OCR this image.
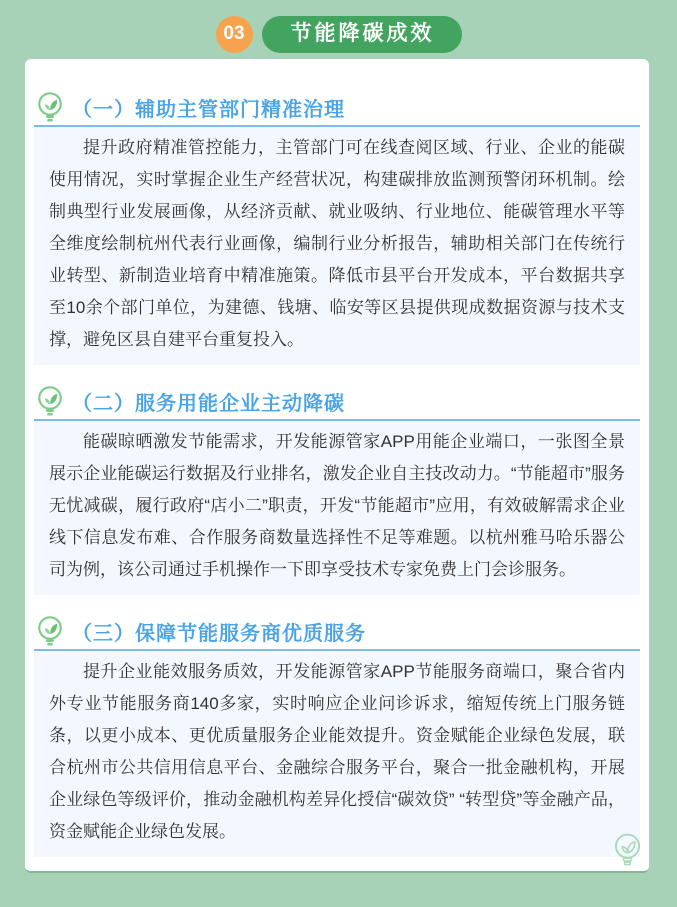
03	节能降碳成效
（一）辅助主管部门精准治理

提升政府精准管控能力，主管部门可在线查阅区域、行业、企业的能碳使用情况，实时掌握企业生产经营状况，构建碳排放监测预警闭环机制。绘制典型行业发展画像，从经济贡献、就业吸纳、行业地位、能碳管理水平等全维度绘制杭州代表行业画像，编制行业分析报告，辅助相关部门在传统行业转型、新制造业培育中精准施策。降低市县平台开发成本，平台数据共享至10余个部门单位，为建德、钱塘、临安等区县提供现成数据资源与技术支撑，避免区县自建平台重复投入。

（二）服务用能企业主动降碳

能碳晾晒激发节能需求，开发能源管家APP用能企业端口，一张图全景展示企业能碳运行数据及行业排名，激发企业自主技改动力。“节能超市”服务无忧减碳，履行政府“店小二”职责，开发“节能超市”应用，有效破解需求企业线下信息发布难、合作服务商数量选择性不足等难题。以杭州雅马哈乐器公司为例，该公司通过手机操作一下即享受技术专家免费上门会诊服务。

（三）保障节能服务商优质服务

提升企业能效服务质效，开发能源管家APP节能服务商端口，聚合省内外专业节能服务商140多家，实时响应企业问诊诉求，缩短传统上门服务链条，以更小成本、更优质量服务企业能效提升。资金赋能企业绿色发展，联合杭州市公共信用信息平台、金融综合服务平台，聚合一批金融机构，开展企业绿色等级评价，推动金融机构差异化授信“碳效贷” “转型贷”等金融产品，资金赋能企业绿色发展。
